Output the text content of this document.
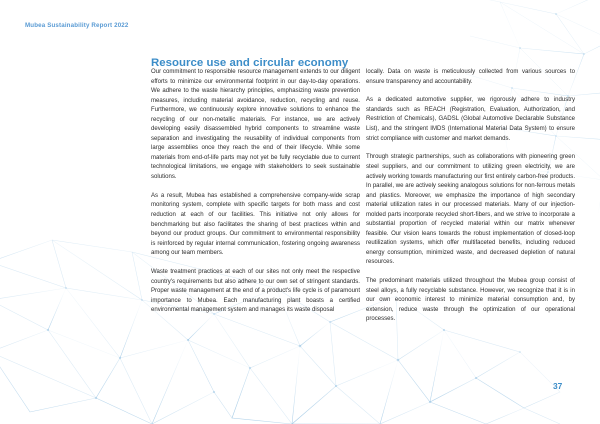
Mubea Sustainability Report 2022
Resource use and circular economy

Our commitment to responsible resource management extends to our diligent efforts to minimize our environmental footprint in our day-to-day operations. We adhere to the waste hierarchy principles, emphasizing waste prevention measures, including material avoidance, reduction, recycling and reuse. Furthermore, we continuously explore innovative solutions to enhance the recycling of our non-metallic materials. For instance, we are actively developing easily disassembled hybrid components to streamline waste separation and investigating the reusability of individual components from large assemblies once they reach the end of their lifecycle. While some materials from end-of-life parts may not yet be fully recyclable due to current technological limitations, we engage with stakeholders to seek sustainable solutions.

As a result, Mubea has established a comprehensive company-wide scrap monitoring system, complete with specific targets for both mass and cost reduction at each of our facilities. This initiative not only allows for benchmarking but also facilitates the sharing of best practices within and beyond our product groups. Our commitment to environmental responsibility is reinforced by regular internal communication, fostering ongoing awareness among our team members.

Waste treatment practices at each of our sites not only meet the respective country's requirements but also adhere to our own set of stringent standards. Proper waste management at the end of a product's life cycle is of paramount importance to Mubea. Each manufacturing plant boasts a certified environmental management system and manages its waste disposal

locally. Data on waste is meticulously collected from various sources to ensure transparency and accountability.

As a dedicated automotive supplier, we rigorously adhere to industry standards such as REACH (Registration, Evaluation, Authorization, and Restriction of Chemicals), GADSL (Global Automotive Declarable Substance List), and the stringent IMDS (International Material Data System) to ensure strict compliance with customer and market demands.

Through strategic partnerships, such as collaborations with pioneering green steel suppliers, and our commitment to utilizing green electricity, we are actively working towards manufacturing our first entirely carbon-free products. In parallel, we are actively seeking analogous solutions for non-ferrous metals and plastics. Moreover, we emphasize the importance of high secondary material utilization rates in our processed materials. Many of our injection-molded parts incorporate recycled short-fibers, and we strive to incorporate a substantial proportion of recycled material within our matrix whenever feasible. Our vision leans towards the robust implementation of closed-loop reutilization systems, which offer multifaceted benefits, including reduced energy consumption, minimized waste, and decreased depletion of natural resources.

The predominant materials utilized throughout the Mubea group consist of steel alloys, a fully recyclable substance. However, we recognize that it is in our own economic interest to minimize material consumption and, by extension, reduce waste through the optimization of our operational processes.

37
